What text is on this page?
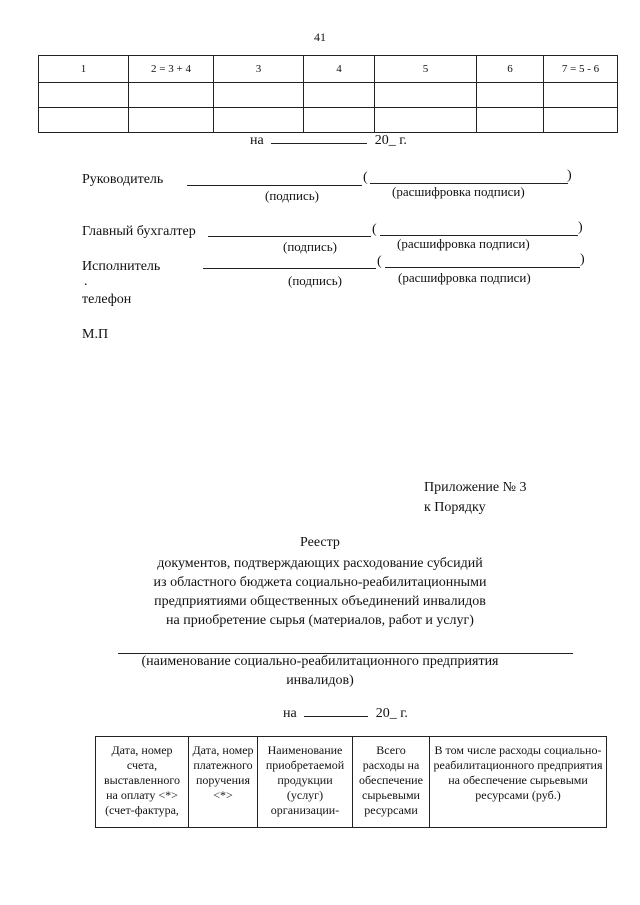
41
1	2 = 3 + 4	3	4	5	6	7 = 5 - 6

на	20_ г.
Руководитель	(	)
(подпись)	(расшифровка подписи)
Главный бухгалтер	(	)
(подпись)	(расшифровка подписи)
Исполнитель	(	)
(подпись)	(расшифровка подписи)
.
телефон
М.П
Приложение № 3
к Порядку
Реестр
документов, подтверждающих расходование субсидий
из областного бюджета социально-реабилитационными
предприятиями общественных объединений инвалидов
на приобретение сырья (материалов, работ и услуг)
(наименование социально-реабилитационного предприятия
инвалидов)
на	20_ г.
Дата, номер счета, выставленного на оплату <*> (счет-фактура,	Дата, номер платежного поручения <*>	Наименование приобретаемой продукции (услуг) организации-	Всего расходы на обеспечение сырьевыми ресурсами	В том числе расходы социально-реабилитационного предприятия на обеспечение сырьевыми ресурсами (руб.)
